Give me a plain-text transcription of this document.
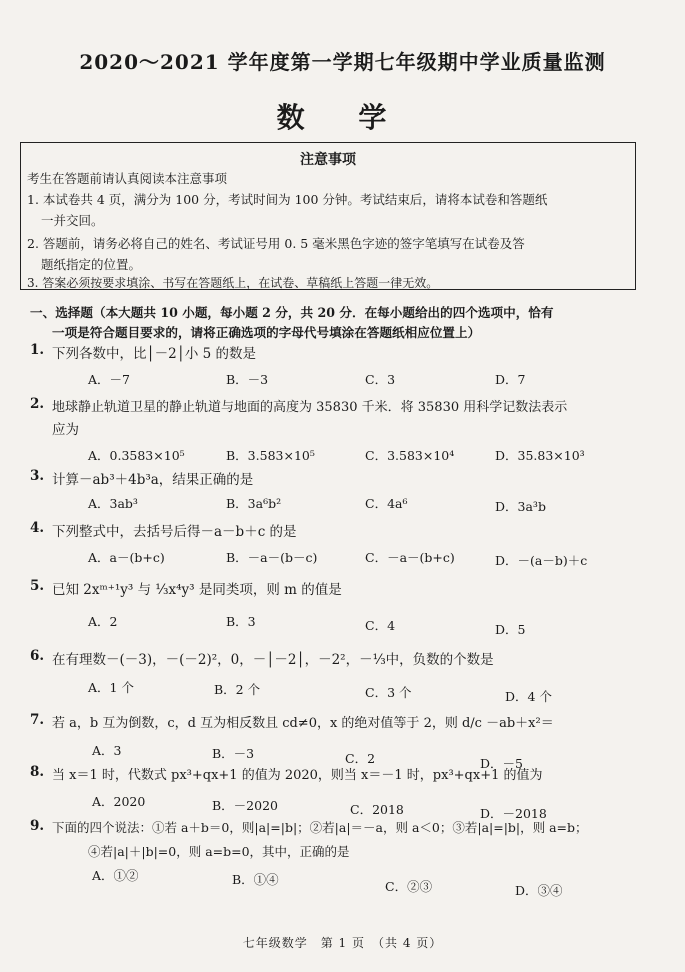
2020～2021 学年度第一学期七年级期中学业质量监测
数 学
注意事项
考生在答题前请认真阅读本注意事项
1. 本试卷共 4 页，满分为 100 分，考试时间为 100 分钟。考试结束后，请将本试卷和答题纸
一并交回。
2. 答题前，请务必将自己的姓名、考试证号用 0. 5 毫米黑色字迹的签字笔填写在试卷及答
题纸指定的位置。
3. 答案必须按要求填涂、书写在答题纸上，在试卷、草稿纸上答题一律无效。
一、选择题（本大题共 10 小题，每小题 2 分，共 20 分．在每小题给出的四个选项中，恰有
一项是符合题目要求的，请将正确选项的字母代号填涂在答题纸相应位置上）
1. 下列各数中，比│－2│小 5 的数是
A．－7	B．－3	C．3	D．7
2. 地球静止轨道卫星的静止轨道与地面的高度为 35830 千米．将 35830 用科学记数法表示
应为
A．0.3583×10⁵	B．3.583×10⁵	C．3.583×10⁴	D．35.83×10³
3. 计算－ab³＋4b³a，结果正确的是
A．3ab³	B．3a⁶b²	C．4a⁶	D．3a³b
4. 下列整式中，去括号后得－a－b＋c 的是
A．a－(b+c)	B．－a－(b－c)	C．－a－(b+c)	D．－(a－b)＋c
5. 已知 2xᵐ⁺¹y³ 与 ⅓x⁴y³ 是同类项，则 m 的值是
A．2	B．3	C．4	D．5
6. 在有理数－(－3)，－(－2)²，0，－│－2│，－2²，－⅓中，负数的个数是
A．1 个	B．2 个	C．3 个	D．4 个
7. 若 a，b 互为倒数，c，d 互为相反数且 cd≠0，x 的绝对值等于 2，则 d/c －ab＋x²＝
A．3	B．－3	C．2	D．－5
8. 当 x＝1 时，代数式 px³+qx+1 的值为 2020，则当 x＝－1 时，px³+qx+1 的值为
A．2020	B．－2020	C．2018	D．－2018
9. 下面的四个说法：①若 a＋b＝0，则|a|=|b|；②若|a|＝－a，则 a＜0；③若|a|=|b|，则 a=b；
④若|a|＋|b|=0，则 a=b=0，其中，正确的是
A．①②	B．①④	C．②③	D．③④
七年级数学　第 1 页　（共 4 页）
